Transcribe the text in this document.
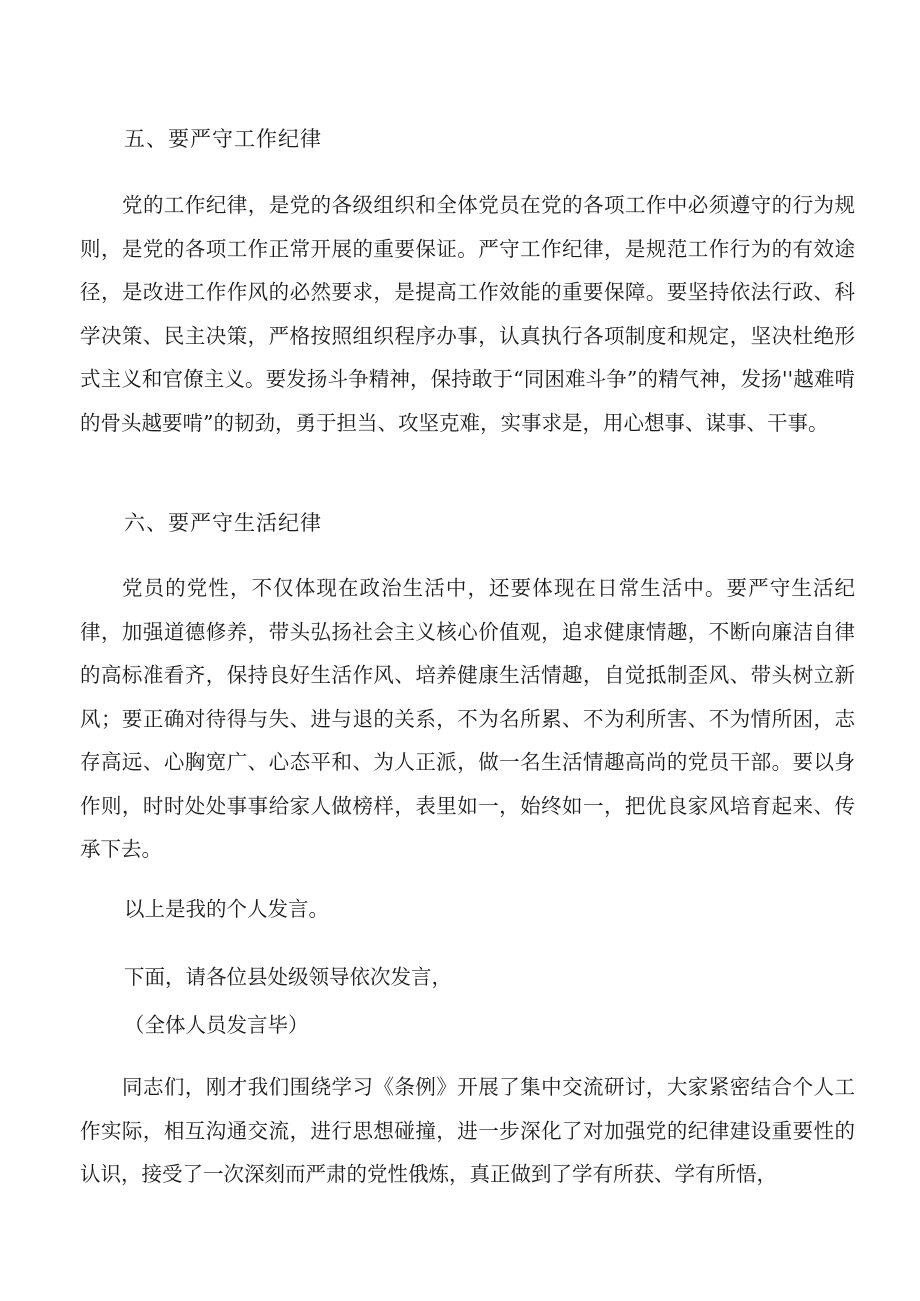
五、要严守工作纪律
党的工作纪律，是党的各级组织和全体党员在党的各项工作中必须遵守的行为规则，是党的各项工作正常开展的重要保证。严守工作纪律，是规范工作行为的有效途径，是改进工作作风的必然要求，是提高工作效能的重要保障。要坚持依法行政、科学决策、民主决策，严格按照组织程序办事，认真执行各项制度和规定，坚决杜绝形式主义和官僚主义。要发扬斗争精神，保持敢于“同困难斗争”的精气神，发扬''越难啃的骨头越要啃”的韧劲，勇于担当、攻坚克难，实事求是，用心想事、谋事、干事。
六、要严守生活纪律
党员的党性，不仅体现在政治生活中，还要体现在日常生活中。要严守生活纪律，加强道德修养，带头弘扬社会主义核心价值观，追求健康情趣，不断向廉洁自律的高标准看齐，保持良好生活作风、培养健康生活情趣，自觉抵制歪风、带头树立新风；要正确对待得与失、进与退的关系，不为名所累、不为利所害、不为情所困，志存高远、心胸宽广、心态平和、为人正派，做一名生活情趣高尚的党员干部。要以身作则，时时处处事事给家人做榜样，表里如一，始终如一，把优良家风培育起来、传承下去。
以上是我的个人发言。
下面，请各位县处级领导依次发言，
（全体人员发言毕）
同志们，刚才我们围绕学习《条例》开展了集中交流研讨，大家紧密结合个人工作实际，相互沟通交流，进行思想碰撞，进一步深化了对加强党的纪律建设重要性的认识，接受了一次深刻而严肃的党性俄炼，真正做到了学有所获、学有所悟，
